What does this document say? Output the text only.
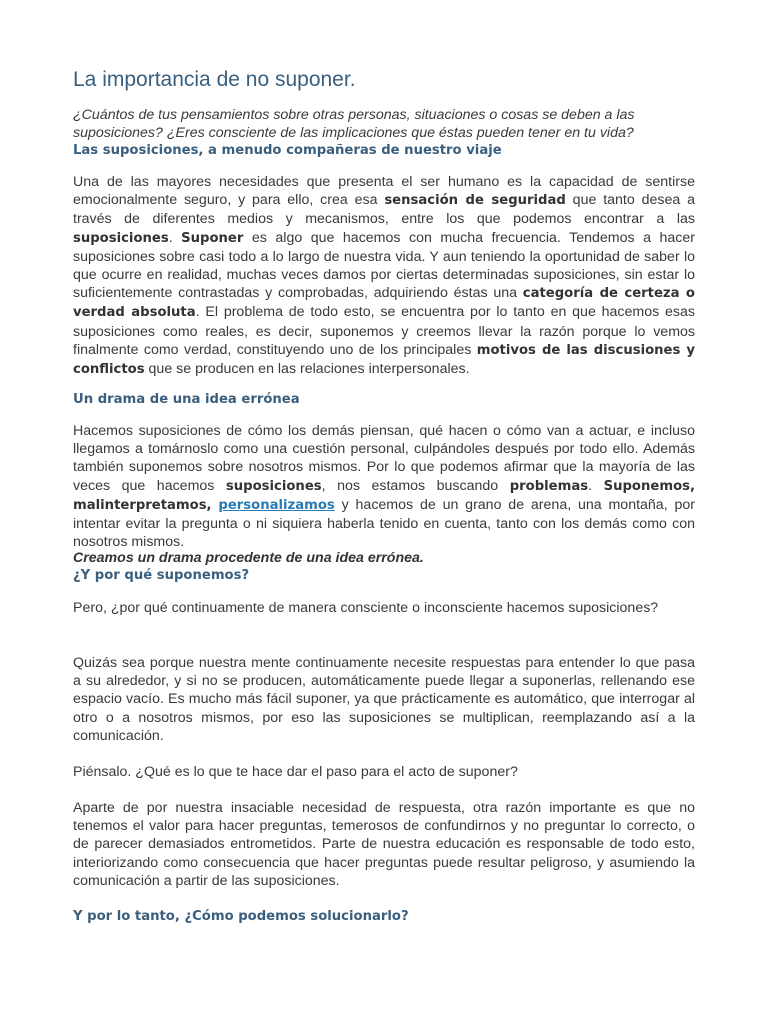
La importancia de no suponer.

¿Cuántos de tus pensamientos sobre otras personas, situaciones o cosas se deben a las
suposiciones? ¿Eres consciente de las implicaciones que éstas pueden tener en tu vida?

Las suposiciones, a menudo compañeras de nuestro viaje

Una de las mayores necesidades que presenta el ser humano es la capacidad de sentirse emocionalmente seguro, y para ello, crea esa sensación de seguridad que tanto desea a través de diferentes medios y mecanismos, entre los que podemos encontrar a las suposiciones. Suponer es algo que hacemos con mucha frecuencia. Tendemos a hacer suposiciones sobre casi todo a lo largo de nuestra vida. Y aun teniendo la oportunidad de saber lo que ocurre en realidad, muchas veces damos por ciertas determinadas suposiciones, sin estar lo suficientemente contrastadas y comprobadas, adquiriendo éstas una categoría de certeza o verdad absoluta. El problema de todo esto, se encuentra por lo tanto en que hacemos esas suposiciones como reales, es decir, suponemos y creemos llevar la razón porque lo vemos finalmente como verdad, constituyendo uno de los principales motivos de las discusiones y conflictos que se producen en las relaciones interpersonales.

Un drama de una idea errónea

Hacemos suposiciones de cómo los demás piensan, qué hacen o cómo van a actuar, e incluso llegamos a tomárnoslo como una cuestión personal, culpándoles después por todo ello. Además también suponemos sobre nosotros mismos. Por lo que podemos afirmar que la mayoría de las veces que hacemos suposiciones, nos estamos buscando problemas. Suponemos, malinterpretamos, personalizamos y hacemos de un grano de arena, una montaña, por intentar evitar la pregunta o ni siquiera haberla tenido en cuenta, tanto con los demás como con nosotros mismos.

Creamos un drama procedente de una idea errónea.

¿Y por qué suponemos?

Pero, ¿por qué continuamente de manera consciente o inconsciente hacemos suposiciones?

Quizás sea porque nuestra mente continuamente necesite respuestas para entender lo que pasa a su alrededor, y si no se producen, automáticamente puede llegar a suponerlas, rellenando ese espacio vacío. Es mucho más fácil suponer, ya que prácticamente es automático, que interrogar al otro o a nosotros mismos, por eso las suposiciones se multiplican, reemplazando así a la comunicación.

Piénsalo. ¿Qué es lo que te hace dar el paso para el acto de suponer?

Aparte de por nuestra insaciable necesidad de respuesta, otra razón importante es que no tenemos el valor para hacer preguntas, temerosos de confundirnos y no preguntar lo correcto, o de parecer demasiados entrometidos. Parte de nuestra educación es responsable de todo esto, interiorizando como consecuencia que hacer preguntas puede resultar peligroso, y asumiendo la comunicación a partir de las suposiciones.

Y por lo tanto, ¿Cómo podemos solucionarlo?
